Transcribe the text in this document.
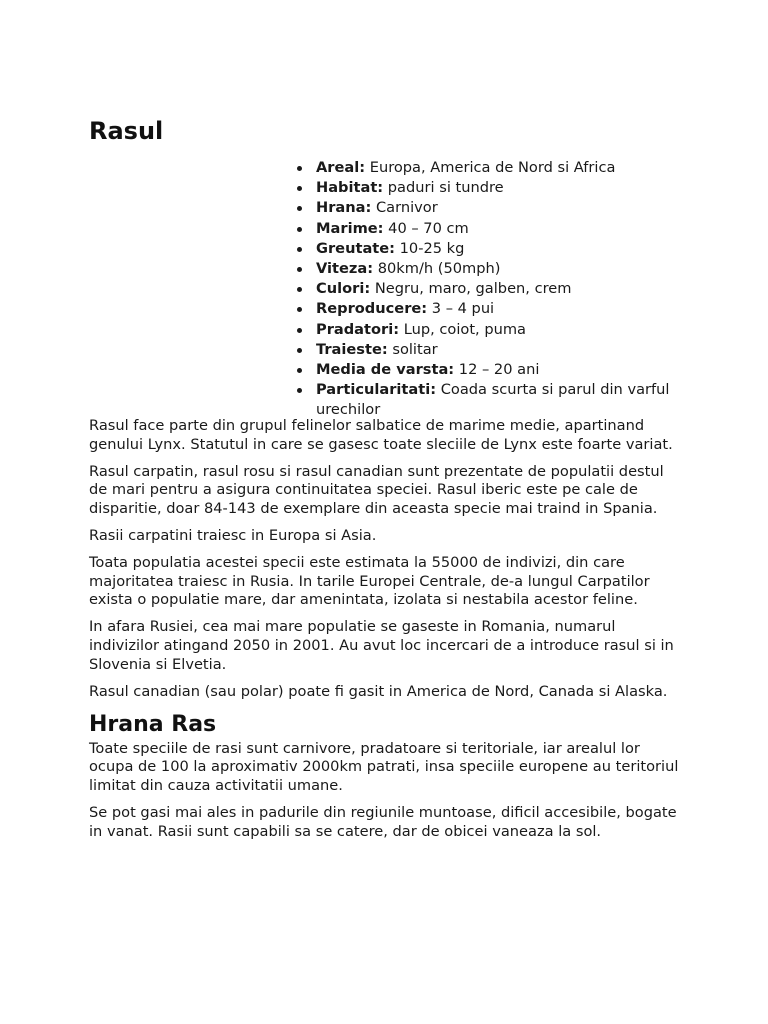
Rasul
Areal: Europa, America de Nord si Africa
Habitat: paduri si tundre
Hrana: Carnivor
Marime: 40 – 70 cm
Greutate: 10-25 kg
Viteza: 80km/h (50mph)
Culori: Negru, maro, galben, crem
Reproducere: 3 – 4 pui
Pradatori: Lup, coiot, puma
Traieste: solitar
Media de varsta: 12 – 20 ani
Particularitati: Coada scurta si parul din varful urechilor

Rasul face parte din grupul felinelor salbatice de marime medie, apartinand genului Lynx. Statutul in care se gasesc toate sleciile de Lynx este foarte variat.

Rasul carpatin, rasul rosu si rasul canadian sunt prezentate de populatii destul de mari pentru a asigura continuitatea speciei. Rasul iberic este pe cale de disparitie, doar 84-143 de exemplare din aceasta specie mai traind in Spania.

Rasii carpatini traiesc in Europa si Asia.

Toata populatia acestei specii este estimata la 55000 de indivizi, din care majoritatea traiesc in Rusia. In tarile Europei Centrale, de-a lungul Carpatilor exista o populatie mare, dar amenintata, izolata si nestabila acestor feline.

In afara Rusiei, cea mai mare populatie se gaseste in Romania, numarul indivizilor atingand 2050 in 2001. Au avut loc incercari de a introduce rasul si in Slovenia si Elvetia.

Rasul canadian (sau polar) poate fi gasit in America de Nord, Canada si Alaska.

Hrana Ras

Toate speciile de rasi sunt carnivore, pradatoare si teritoriale, iar arealul lor ocupa de 100 la aproximativ 2000km patrati, insa speciile europene au teritoriul limitat din cauza activitatii umane.

Se pot gasi mai ales in padurile din regiunile muntoase, dificil accesibile, bogate in vanat. Rasii sunt capabili sa se catere, dar de obicei vaneaza la sol.
